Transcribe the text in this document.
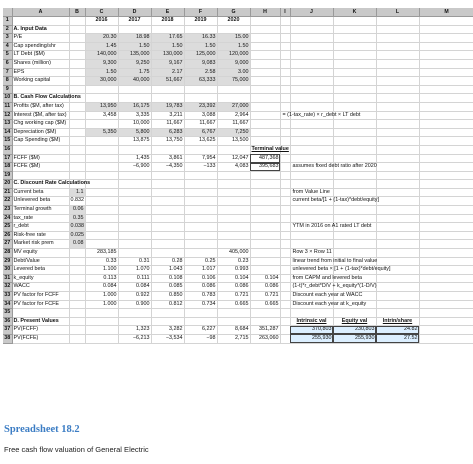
	A	B	C	D	E	F	G	H	I	J	K	L	M
1			2016	2017	2018	2019	2020						
2	A. Input Data												
3	P/E		20.30	18.98	17.65	16.33	15.00						
4	Cap spending/shr		1.45	1.50	1.50	1.50	1.50						
5	LT Debt ($M)		140,000	135,000	130,000	125,000	120,000						
6	Shares (million)		9,300	9,250	9,167	9,083	9,000						
7	EPS		1.50	1.75	2.17	2.58	3.00						
8	Working capital		30,000	40,000	51,667	63,333	75,000						
9													
10	B. Cash Flow Calculations												
11	Profits ($M, after tax)		13,950	16,175	19,783	23,392	27,000						
12	Interest ($M, after tax)		3,458	3,335	3,211	3,088	2,964		= (1-tax_rate) × r_debt × LT debt				
13	Chg working cap ($M)			10,000	11,667	11,667	11,667						
14	Depreciation ($M)		5,350	5,800	6,283	6,767	7,250						
15	Cap Spending ($M)			13,875	13,750	13,625	13,500						
16								Terminal value					
17	FCFF ($M)			1,435	3,861	7,954	12,047	487,368					
18	FCFE ($M)			−6,900	−4,350	−133	4,083	395,683		assumes fixed debt ratio after 2020			
19													
20	C. Discount Rate Calculations												
21	Current beta	1.1								from Value Line			
22	Unlevered beta	0.832								current beta/[1 + (1-tax)*debt/equity]			
23	Terminal growth	0.06											
24	tax_rate	0.35											
25	r_debt	0.038								YTM in 2016 on A1 rated LT debt			
26	Risk-free rate	0.025											
27	Market risk prem	0.08											
28	MV equity		283,185				405,000			Row 3 × Row 11			
29	Debt/Value		0.33	0.31	0.28	0.25	0.23			linear trend from initial to final value			
30	Levered beta		1.100	1.070	1.043	1.017	0.993			unlevered beta × [1 + (1-tax)*debt/equity]			
31	k_equity		0.113	0.111	0.108	0.106	0.104	0.104		from CAPM and levered beta			
32	WACC		0.084	0.084	0.085	0.086	0.086	0.086		(1-t)*r_debt*D/V + k_equity*(1-D/V)			
33	PV factor for FCFF		1.000	0.922	0.850	0.783	0.721	0.721		Discount each year at WACC			
34	PV factor for FCFE		1.000	0.900	0.812	0.734	0.665	0.665		Discount each year at k_equity			
35													
36	D. Present Values									Intrinsic val	Equity val	Intrin/share	
37	PV(FCFF)			1,323	3,282	6,227	8,684	351,287		370,803	230,803	24.82	
38	PV(FCFE)			−6,213	−3,534	−98	2,715	263,060		255,930	255,930	27.52	
Spreadsheet 18.2
Free cash flow valuation of General Electric
